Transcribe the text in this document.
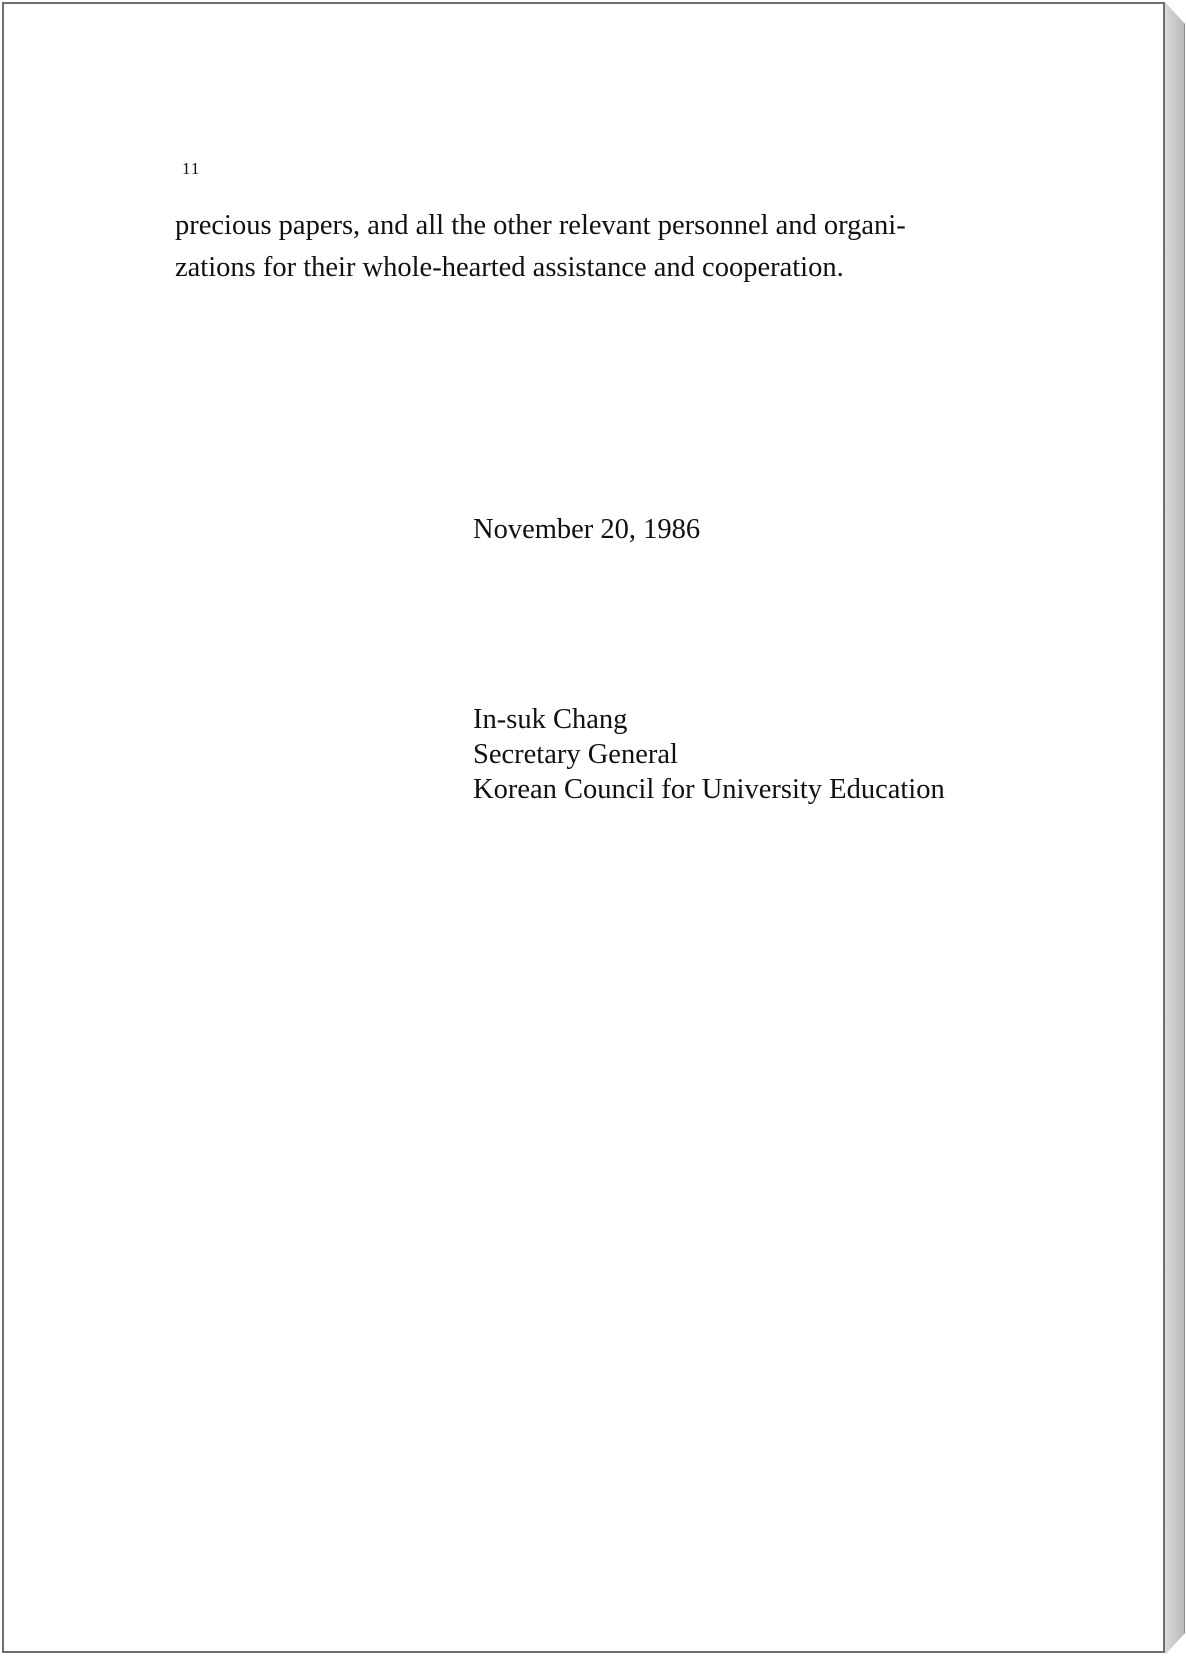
11

precious papers, and all the other relevant personnel and organi-
zations for their whole-hearted assistance and cooperation.

November 20, 1986
In-suk Chang
Secretary General
Korean Council for University Education
